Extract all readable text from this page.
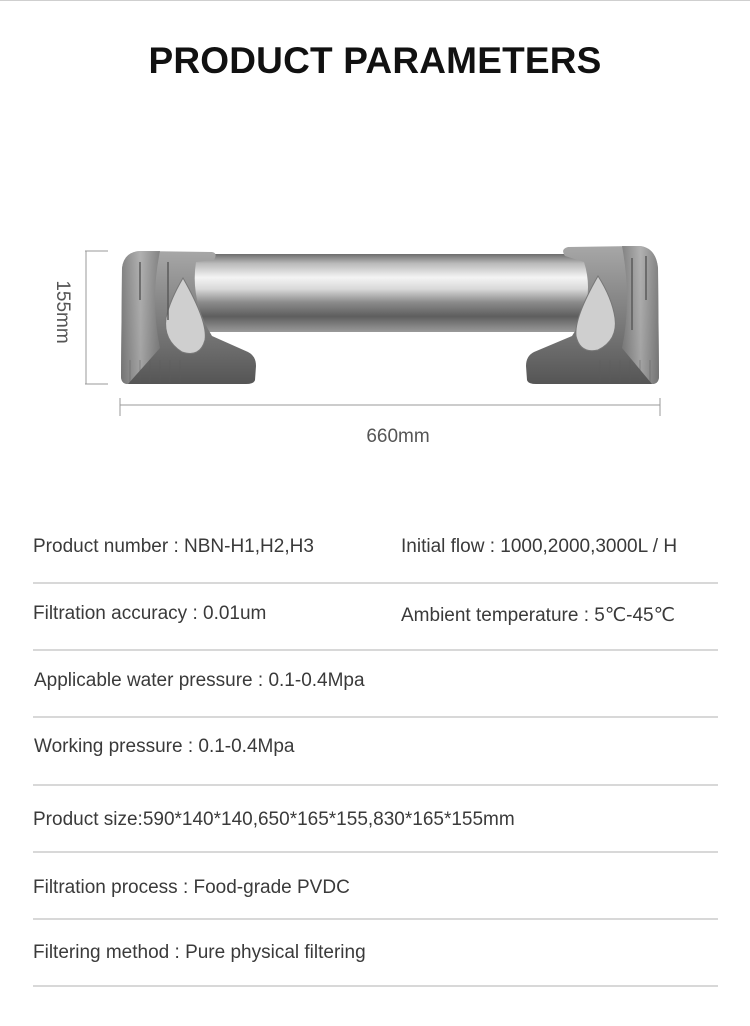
PRODUCT PARAMETERS
155mm
660mm
Product number : NBN-H1,H2,H3	Initial flow : 1000,2000,3000L / H
Filtration accuracy : 0.01um	Ambient temperature : 5℃-45℃
Applicable water pressure : 0.1-0.4Mpa
Working pressure : 0.1-0.4Mpa
Product size:590*140*140,650*165*155,830*165*155mm
Filtration process : Food-grade PVDC
Filtering method : Pure physical filtering
